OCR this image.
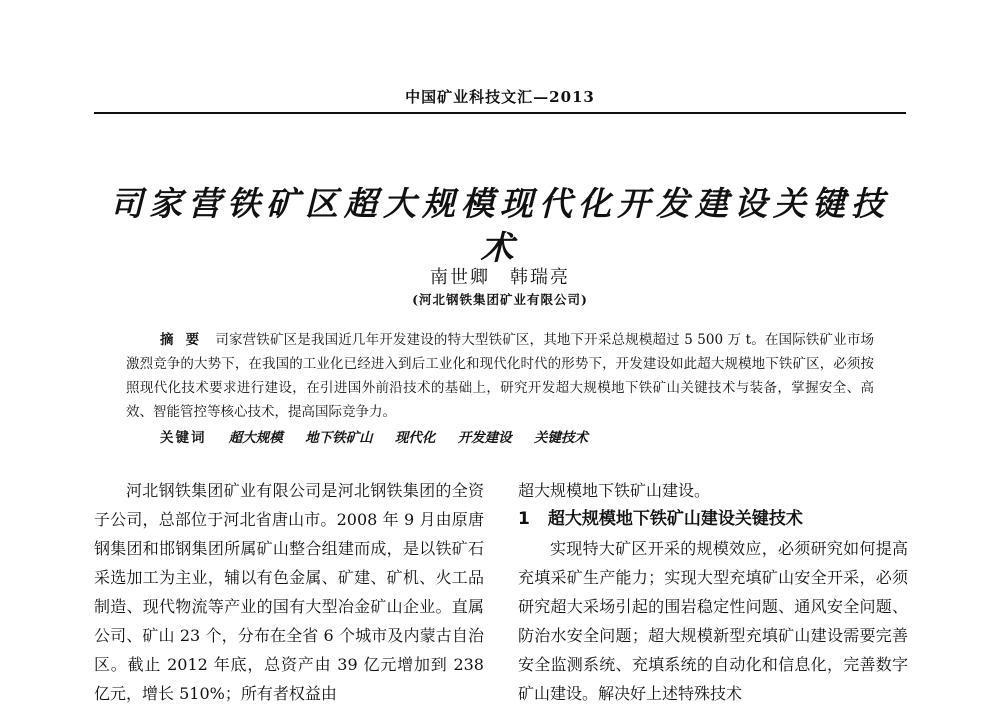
中国矿业科技文汇—2013
司家营铁矿区超大规模现代化开发建设关键技术
南世卿　韩瑞亮
(河北钢铁集团矿业有限公司)

摘要 司家营铁矿区是我国近几年开发建设的特大型铁矿区，其地下开采总规模超过 5 500 万 t。在国际铁矿业市场激烈竞争的大势下，在我国的工业化已经进入到后工业化和现代化时代的形势下，开发建设如此超大规模地下铁矿区，必须按照现代化技术要求进行建设，在引进国外前沿技术的基础上，研究开发超大规模地下铁矿山关键技术与装备，掌握安全、高效、智能管控等核心技术，提高国际竞争力。

关键词 超大规模 地下铁矿山 现代化 开发建设 关键技术

河北钢铁集团矿业有限公司是河北钢铁集团的全资子公司，总部位于河北省唐山市。2008 年 9 月由原唐钢集团和邯钢集团所属矿山整合组建而成，是以铁矿石采选加工为主业，辅以有色金属、矿建、矿机、火工品制造、现代物流等产业的国有大型冶金矿山企业。直属公司、矿山 23 个，分布在全省 6 个城市及内蒙古自治区。截止 2012 年底，总资产由 39 亿元增加到 238 亿元，增长 510%；所有者权益由

超大规模地下铁矿山建设。

1 超大规模地下铁矿山建设关键技术

实现特大矿区开采的规模效应，必须研究如何提高充填采矿生产能力；实现大型充填矿山安全开采，必须研究超大采场引起的围岩稳定性问题、通风安全问题、防治水安全问题；超大规模新型充填矿山建设需要完善安全监测系统、充填系统的自动化和信息化，完善数字矿山建设。解决好上述特殊技术
